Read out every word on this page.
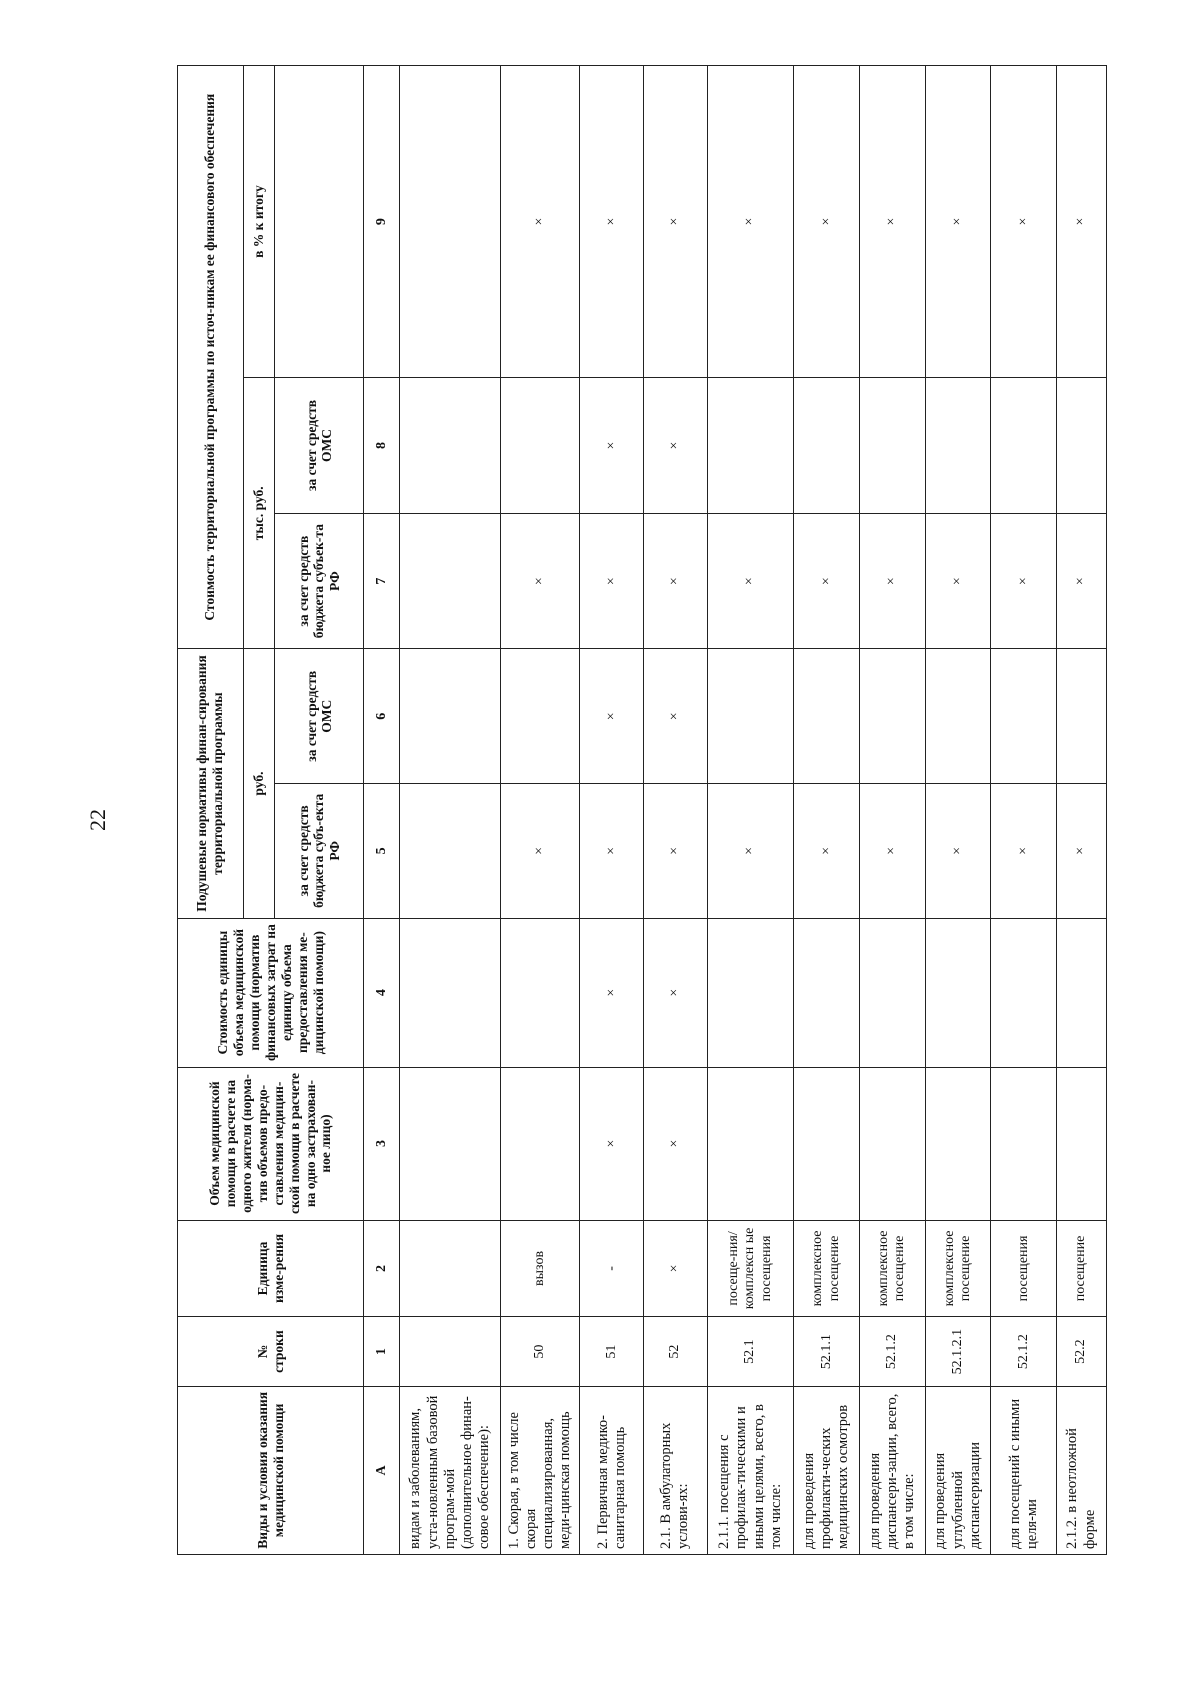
22
Виды и условия оказания медицинской помощи	№ строки	Единица изме-рения	Объем медицинской помощи в расчете на одного жителя (норма-тив объемов предо-ставления медицин-ской помощи в расчете на одно застрахован-ное лицо)	Стоимость единицы объема медицинской помощи (норматив финансовых затрат на единицу объема предоставления ме-дицинской помощи)	Подушевые нормативы финан-сирования территориальной программы		Стоимость территориальной программы по источ-никам ее финансового обеспечения		
					руб.		тыс. руб.		в % к итогу
					за счет средств бюджета субъ-екта РФ	за счет средств ОМС	за счет средств бюджета субъек-та РФ	за счет средств ОМС	
А	1	2	3	4	5	6	7	8	9
видам и заболеваниям, уста-новленным базовой програм-мой (дополнительное финан-совое обеспечение):									
1. Скорая, в том числе скорая специализированная, меди-цинская помощь	50	вызов			×		×		×
2. Первичная медико-санитарная помощь	51	-	×	×	×	×	×	×	×
2.1. В амбулаторных услови-ях:	52	×	×	×	×	×	×	×	×
2.1.1. посещения с профилак-тическими и иными целями, всего, в том числе:	52.1	посеще-ния/комплексн ые посещения			×		×		×
для проведения профилакти-ческих медицинских осмотров	52.1.1	комплексное посещение			×		×		×
для проведения диспансери-зации, всего, в том числе:	52.1.2	комплексное посещение			×		×		×
для проведения углубленной диспансеризации	52.1.2.1	комплексное посещение			×		×		×
для посещений с иными целя-ми	52.1.2	посещения			×		×		×
2.1.2. в неотложной форме	52.2	посещение			×		×		×
